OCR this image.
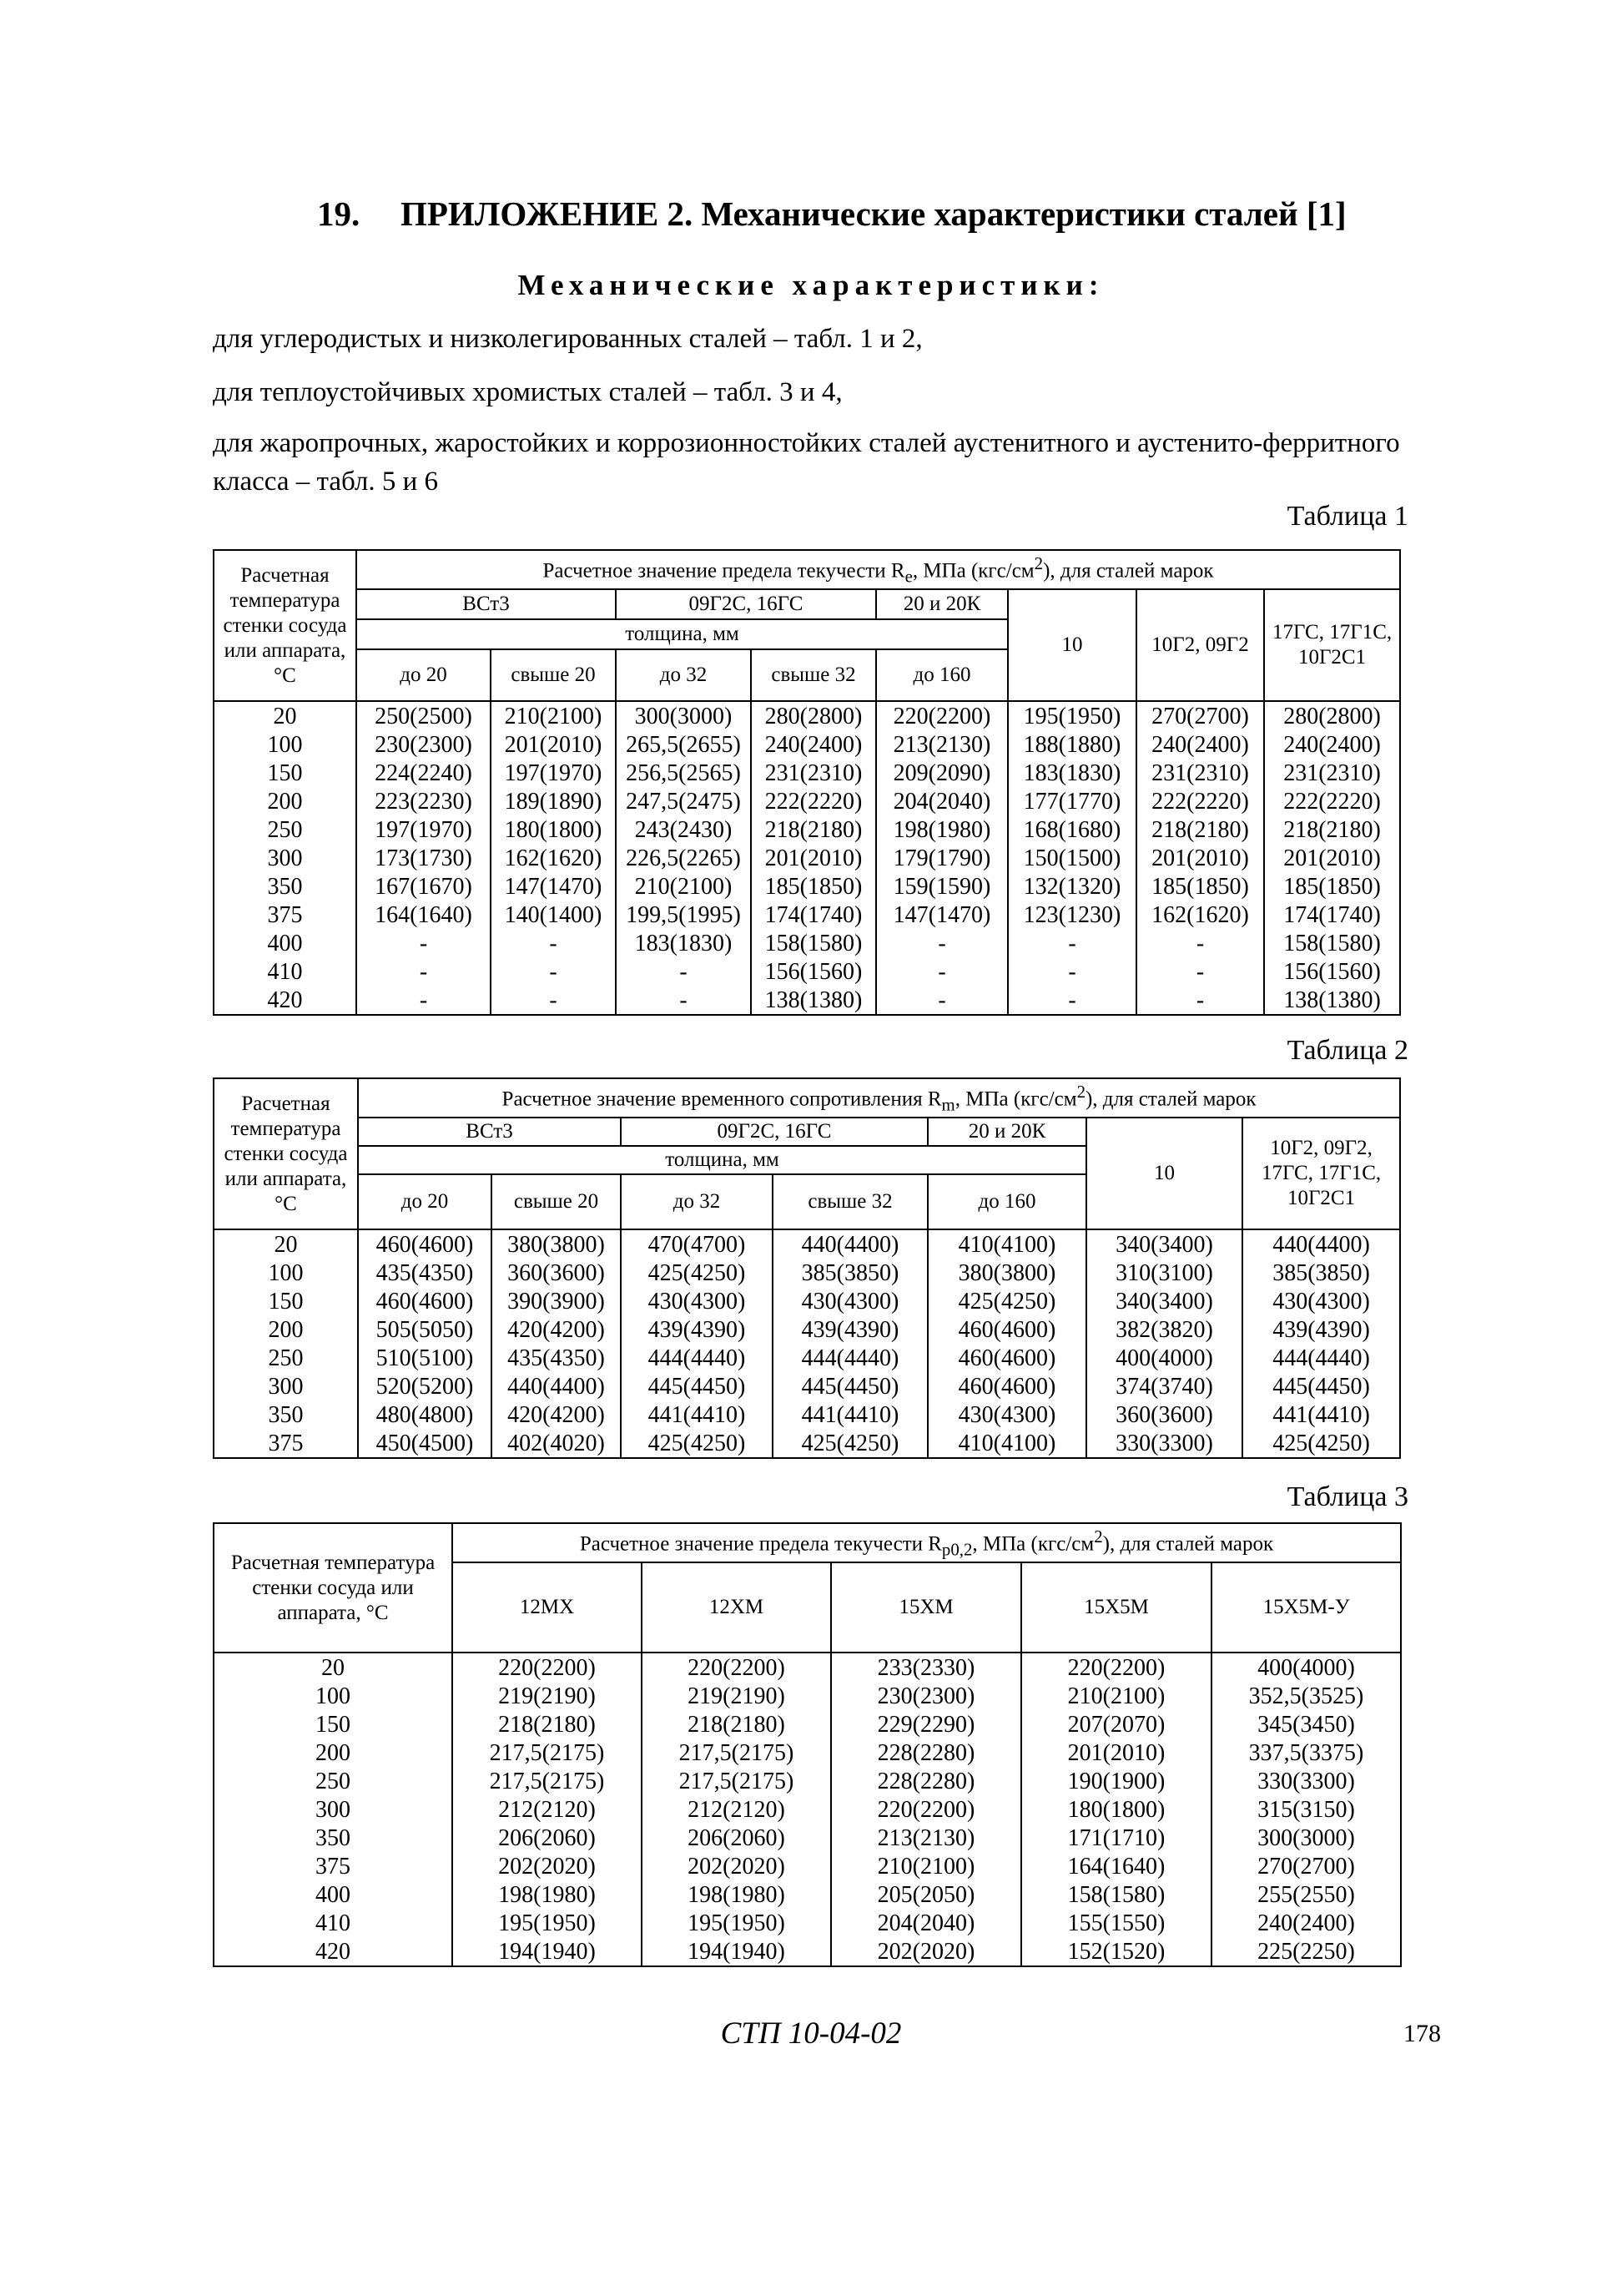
19. ПРИЛОЖЕНИЕ 2. Механические характеристики сталей [1]
Механические характеристики:
для углеродистых и низколегированных сталей – табл. 1 и 2,
для теплоустойчивых хромистых сталей – табл. 3 и 4,
для жаропрочных, жаростойких и коррозионностойких сталей аустенитного и аустенито-ферритного класса – табл. 5 и 6
Таблица 1
Расчетная температура стенки сосуда или аппарата, °С	Расчетное значение предела текучести $R_e$, МПа $(кгс/см^2)$, для сталей марок							
	ВСт3		09Г2С, 16ГС		20 и 20К	10	10Г2, 09Г2	17ГС, 17Г1С, 10Г2С1
	толщина, мм							
	до 20	свыше 20	до 32	свыше 32	до 160			
20	250(2500)	210(2100)	300(3000)	280(2800)	220(2200)	195(1950)	270(2700)	280(2800)
100	230(2300)	201(2010)	265,5(2655)	240(2400)	213(2130)	188(1880)	240(2400)	240(2400)
150	224(2240)	197(1970)	256,5(2565)	231(2310)	209(2090)	183(1830)	231(2310)	231(2310)
200	223(2230)	189(1890)	247,5(2475)	222(2220)	204(2040)	177(1770)	222(2220)	222(2220)
250	197(1970)	180(1800)	243(2430)	218(2180)	198(1980)	168(1680)	218(2180)	218(2180)
300	173(1730)	162(1620)	226,5(2265)	201(2010)	179(1790)	150(1500)	201(2010)	201(2010)
350	167(1670)	147(1470)	210(2100)	185(1850)	159(1590)	132(1320)	185(1850)	185(1850)
375	164(1640)	140(1400)	199,5(1995)	174(1740)	147(1470)	123(1230)	162(1620)	174(1740)
400	-	-	183(1830)	158(1580)	-	-	-	158(1580)
410	-	-	-	156(1560)	-	-	-	156(1560)
420	-	-	-	138(1380)	-	-	-	138(1380)
Таблица 2
Расчетная температура стенки сосуда или аппарата, °С	Расчетное значение временного сопротивления $R_m$, МПа $(кгс/см^2)$, для сталей марок						
	ВСт3		09Г2С, 16ГС		20 и 20К	10	10Г2, 09Г2, 17ГС, 17Г1С, 10Г2С1
	толщина, мм						
	до 20	свыше 20	до 32	свыше 32	до 160		
20	460(4600)	380(3800)	470(4700)	440(4400)	410(4100)	340(3400)	440(4400)
100	435(4350)	360(3600)	425(4250)	385(3850)	380(3800)	310(3100)	385(3850)
150	460(4600)	390(3900)	430(4300)	430(4300)	425(4250)	340(3400)	430(4300)
200	505(5050)	420(4200)	439(4390)	439(4390)	460(4600)	382(3820)	439(4390)
250	510(5100)	435(4350)	444(4440)	444(4440)	460(4600)	400(4000)	444(4440)
300	520(5200)	440(4400)	445(4450)	445(4450)	460(4600)	374(3740)	445(4450)
350	480(4800)	420(4200)	441(4410)	441(4410)	430(4300)	360(3600)	441(4410)
375	450(4500)	402(4020)	425(4250)	425(4250)	410(4100)	330(3300)	425(4250)
Таблица 3
Расчетная температура стенки сосуда или аппарата, °С	Расчетное значение предела текучести $R_{p0,2}$, МПа $(кгс/см^2)$, для сталей марок				
	12МХ	12ХМ	15ХМ	15Х5М	15Х5М-У
20	220(2200)	220(2200)	233(2330)	220(2200)	400(4000)
100	219(2190)	219(2190)	230(2300)	210(2100)	352,5(3525)
150	218(2180)	218(2180)	229(2290)	207(2070)	345(3450)
200	217,5(2175)	217,5(2175)	228(2280)	201(2010)	337,5(3375)
250	217,5(2175)	217,5(2175)	228(2280)	190(1900)	330(3300)
300	212(2120)	212(2120)	220(2200)	180(1800)	315(3150)
350	206(2060)	206(2060)	213(2130)	171(1710)	300(3000)
375	202(2020)	202(2020)	210(2100)	164(1640)	270(2700)
400	198(1980)	198(1980)	205(2050)	158(1580)	255(2550)
410	195(1950)	195(1950)	204(2040)	155(1550)	240(2400)
420	194(1940)	194(1940)	202(2020)	152(1520)	225(2250)
СТП 10-04-02	178
